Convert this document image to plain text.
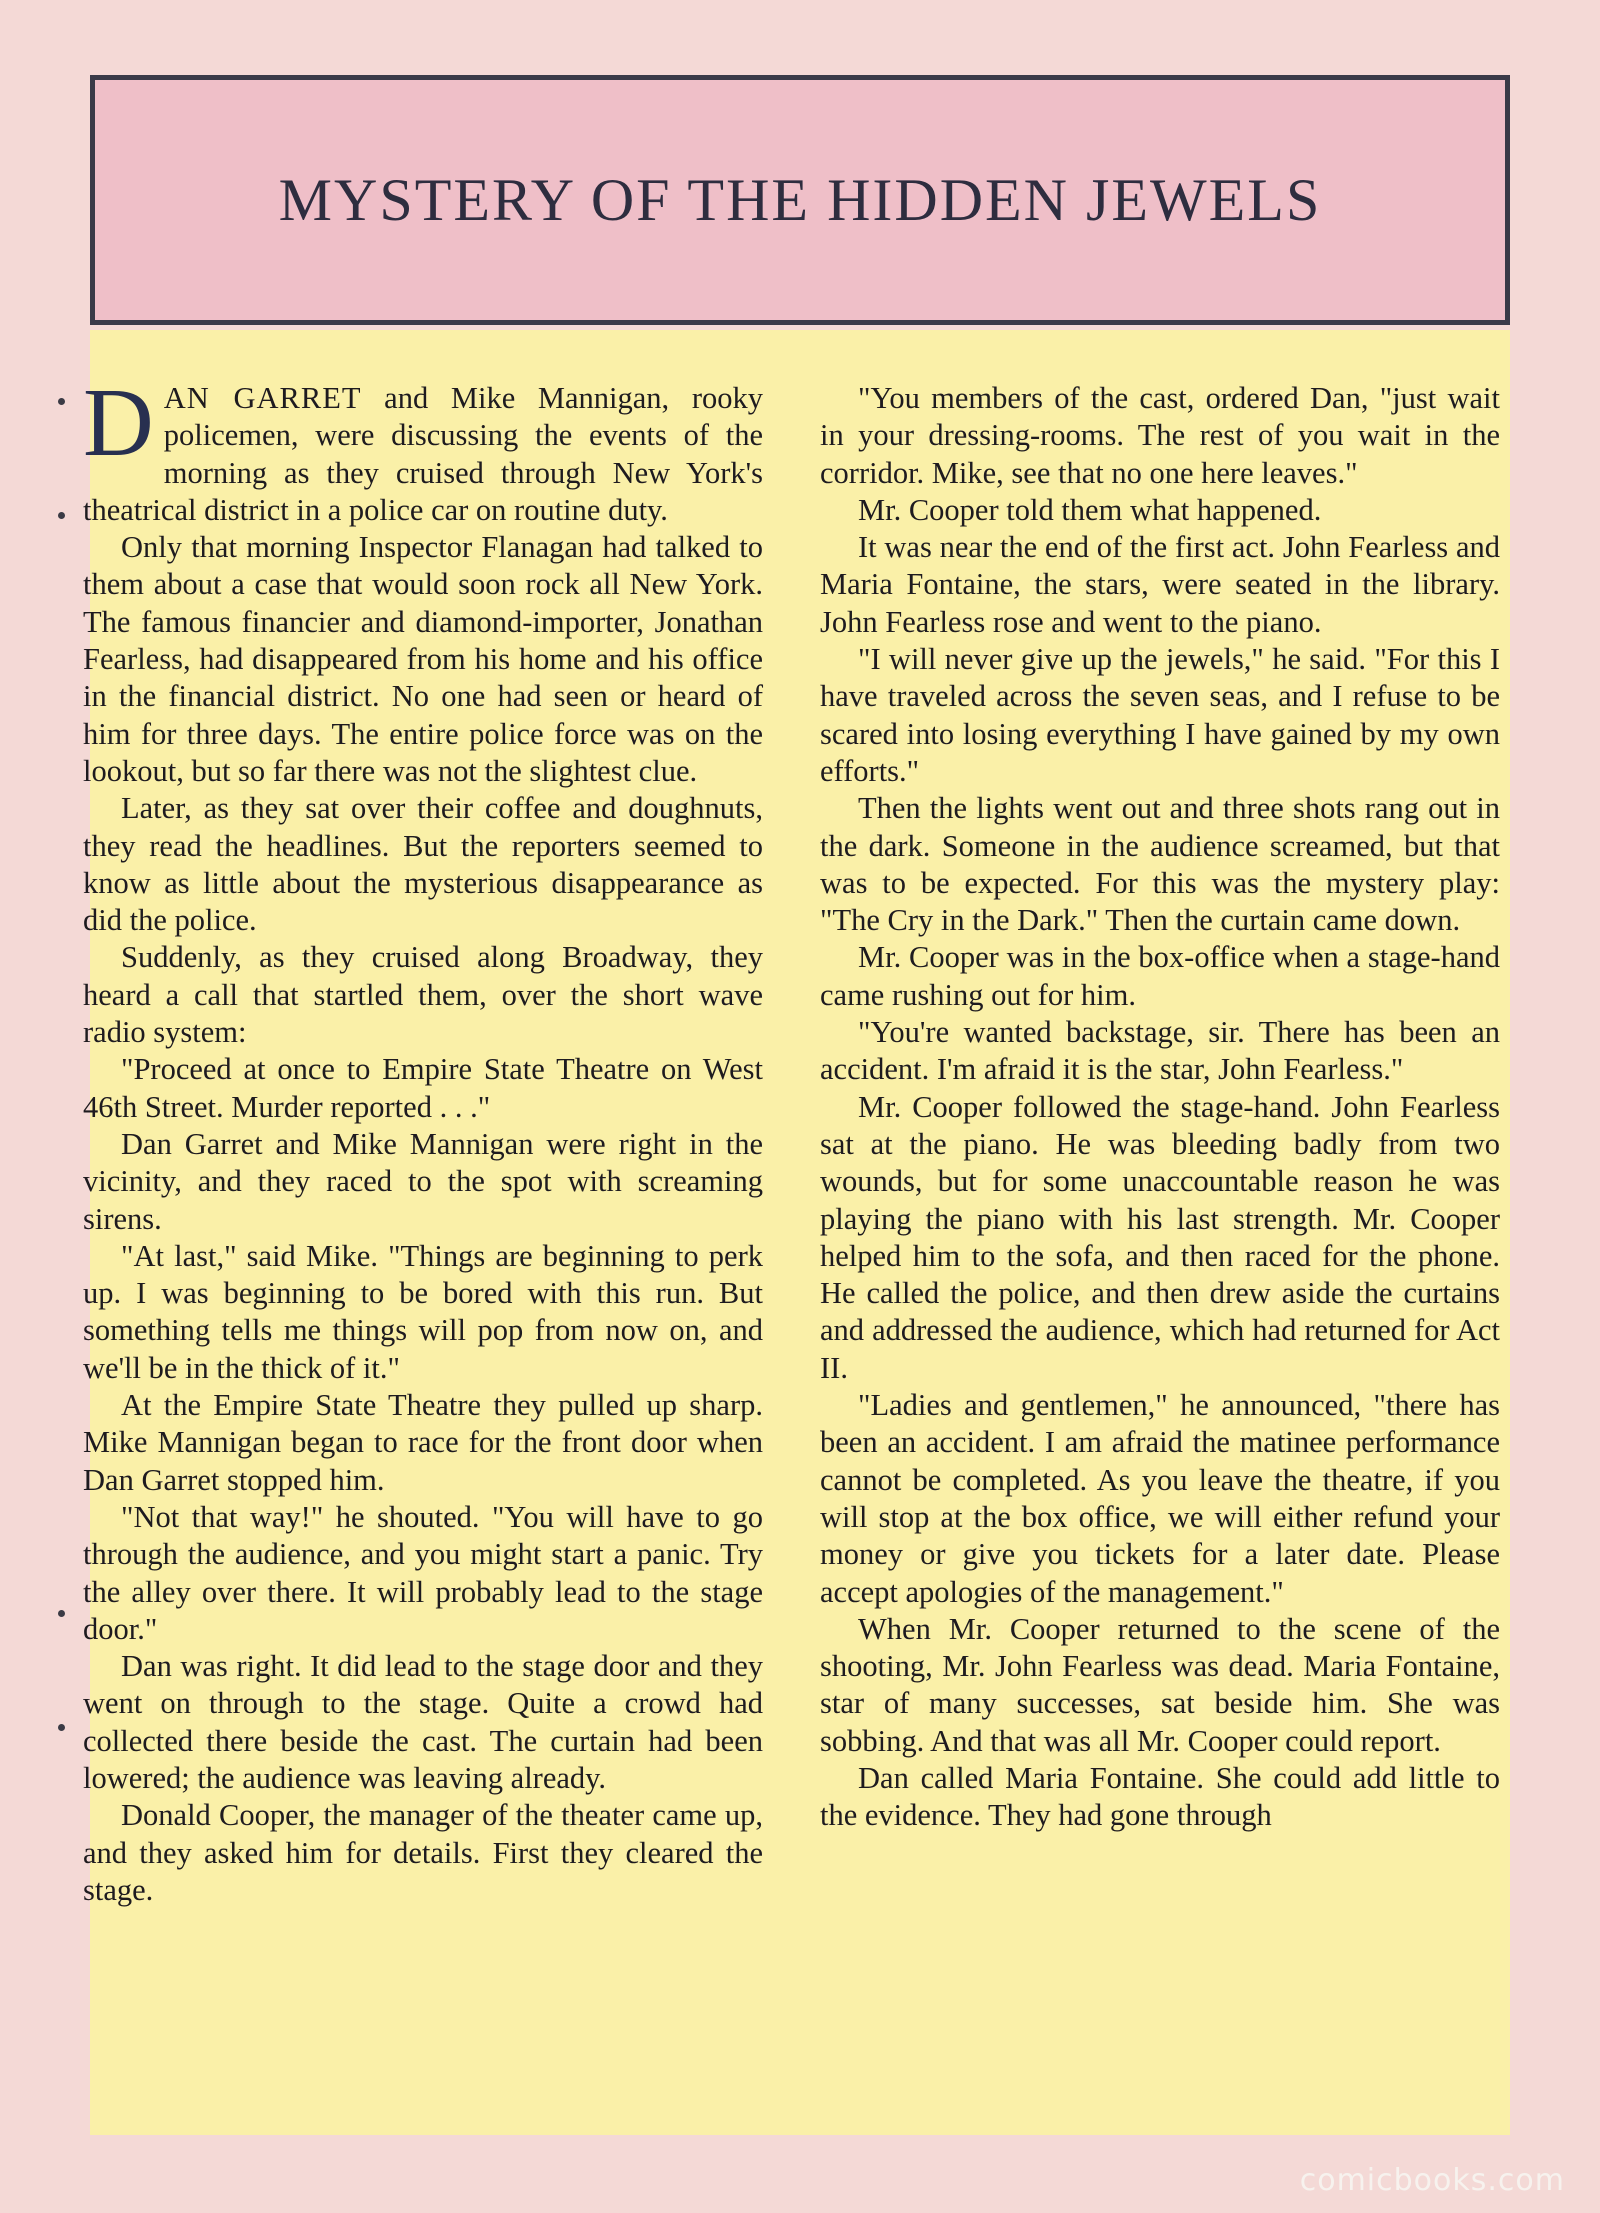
MYSTERY OF THE HIDDEN JEWELS

DAN GARRET and Mike Mannigan, rooky policemen, were discussing the events of the morning as they cruised through New York's theatrical district in a police car on routine duty.

Only that morning Inspector Flanagan had talked to them about a case that would soon rock all New York. The famous financier and diamond-importer, Jonathan Fearless, had disappeared from his home and his office in the financial district. No one had seen or heard of him for three days. The entire police force was on the lookout, but so far there was not the slightest clue.

Later, as they sat over their coffee and doughnuts, they read the headlines. But the reporters seemed to know as little about the mysterious disappearance as did the police.

Suddenly, as they cruised along Broadway, they heard a call that startled them, over the short wave radio system:

"Proceed at once to Empire State Theatre on West 46th Street. Murder reported . . ."

Dan Garret and Mike Mannigan were right in the vicinity, and they raced to the spot with screaming sirens.

"At last," said Mike. "Things are beginning to perk up. I was beginning to be bored with this run. But something tells me things will pop from now on, and we'll be in the thick of it."

At the Empire State Theatre they pulled up sharp. Mike Mannigan began to race for the front door when Dan Garret stopped him.

"Not that way!" he shouted. "You will have to go through the audience, and you might start a panic. Try the alley over there. It will probably lead to the stage door."

Dan was right. It did lead to the stage door and they went on through to the stage. Quite a crowd had collected there beside the cast. The curtain had been lowered; the audience was leaving already.

Donald Cooper, the manager of the theater came up, and they asked him for details. First they cleared the stage.

"You members of the cast, ordered Dan, "just wait in your dressing-rooms. The rest of you wait in the corridor. Mike, see that no one here leaves."

Mr. Cooper told them what happened.

It was near the end of the first act. John Fearless and Maria Fontaine, the stars, were seated in the library. John Fearless rose and went to the piano.

"I will never give up the jewels," he said. "For this I have traveled across the seven seas, and I refuse to be scared into losing everything I have gained by my own efforts."

Then the lights went out and three shots rang out in the dark. Someone in the audience screamed, but that was to be expected. For this was the mystery play: "The Cry in the Dark." Then the curtain came down.

Mr. Cooper was in the box-office when a stage-hand came rushing out for him.

"You're wanted backstage, sir. There has been an accident. I'm afraid it is the star, John Fearless."

Mr. Cooper followed the stage-hand. John Fearless sat at the piano. He was bleeding badly from two wounds, but for some unaccountable reason he was playing the piano with his last strength. Mr. Cooper helped him to the sofa, and then raced for the phone. He called the police, and then drew aside the curtains and addressed the audience, which had returned for Act II.

"Ladies and gentlemen," he announced, "there has been an accident. I am afraid the matinee performance cannot be completed. As you leave the theatre, if you will stop at the box office, we will either refund your money or give you tickets for a later date. Please accept apologies of the management."

When Mr. Cooper returned to the scene of the shooting, Mr. John Fearless was dead. Maria Fontaine, star of many successes, sat beside him. She was sobbing. And that was all Mr. Cooper could report.

Dan called Maria Fontaine. She could add little to the evidence. They had gone through

comicbooks.com
